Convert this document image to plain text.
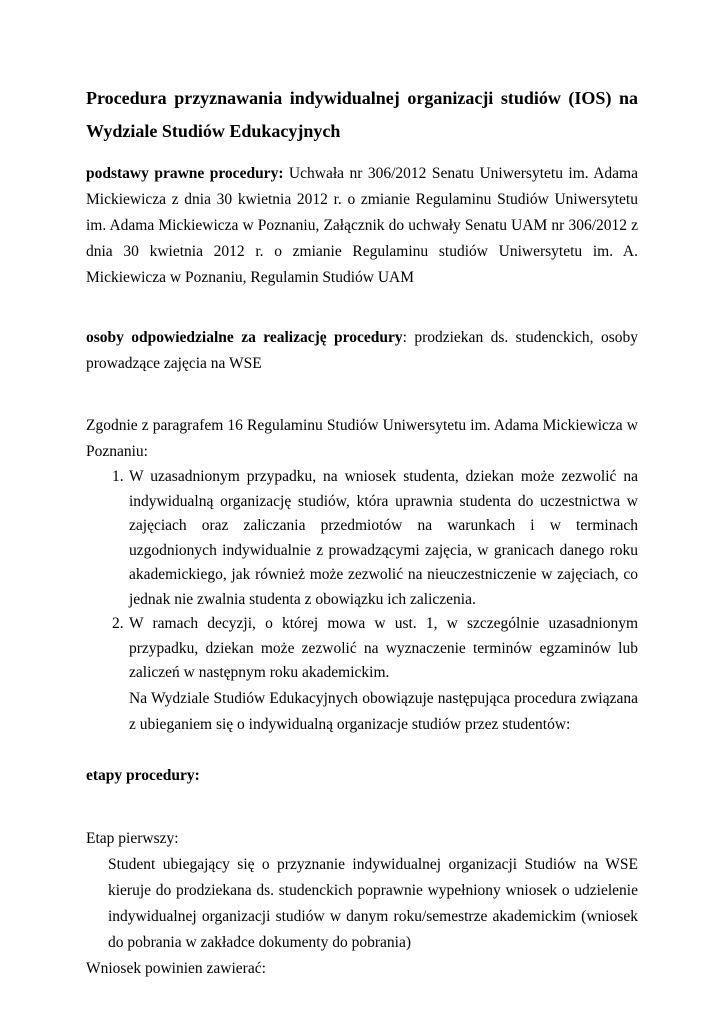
Procedura przyznawania indywidualnej organizacji studiów (IOS) na Wydziale Studiów Edukacyjnych

podstawy prawne procedury: Uchwała nr 306/2012 Senatu Uniwersytetu im. Adama Mickiewicza z dnia 30 kwietnia 2012 r. o zmianie Regulaminu Studiów Uniwersytetu im. Adama Mickiewicza w Poznaniu, Załącznik do uchwały Senatu UAM nr 306/2012 z dnia 30 kwietnia 2012 r. o zmianie Regulaminu studiów Uniwersytetu im. A. Mickiewicza w Poznaniu, Regulamin Studiów UAM

osoby odpowiedzialne za realizację procedury: prodziekan ds. studenckich, osoby prowadzące zajęcia na WSE

Zgodnie z paragrafem 16 Regulaminu Studiów Uniwersytetu im. Adama Mickiewicza w Poznaniu:

1. W uzasadnionym przypadku, na wniosek studenta, dziekan może zezwolić na indywidualną organizację studiów, która uprawnia studenta do uczestnictwa w zajęciach oraz zaliczania przedmiotów na warunkach i w terminach uzgodnionych indywidualnie z prowadzącymi zajęcia, w granicach danego roku akademickiego, jak również może zezwolić na nieuczestniczenie w zajęciach, co jednak nie zwalnia studenta z obowiązku ich zaliczenia.
2. W ramach decyzji, o której mowa w ust. 1, w szczególnie uzasadnionym przypadku, dziekan może zezwolić na wyznaczenie terminów egzaminów lub zaliczeń w następnym roku akademickim.

Na Wydziale Studiów Edukacyjnych obowiązuje następująca procedura związana z ubieganiem się o indywidualną organizacje studiów przez studentów:

etapy procedury:

Etap pierwszy:

Student ubiegający się o przyznanie indywidualnej organizacji Studiów na WSE kieruje do prodziekana ds. studenckich poprawnie wypełniony wniosek o udzielenie indywidualnej organizacji studiów w danym roku/semestrze akademickim (wniosek do pobrania w zakładce dokumenty do pobrania)

Wniosek powinien zawierać:
